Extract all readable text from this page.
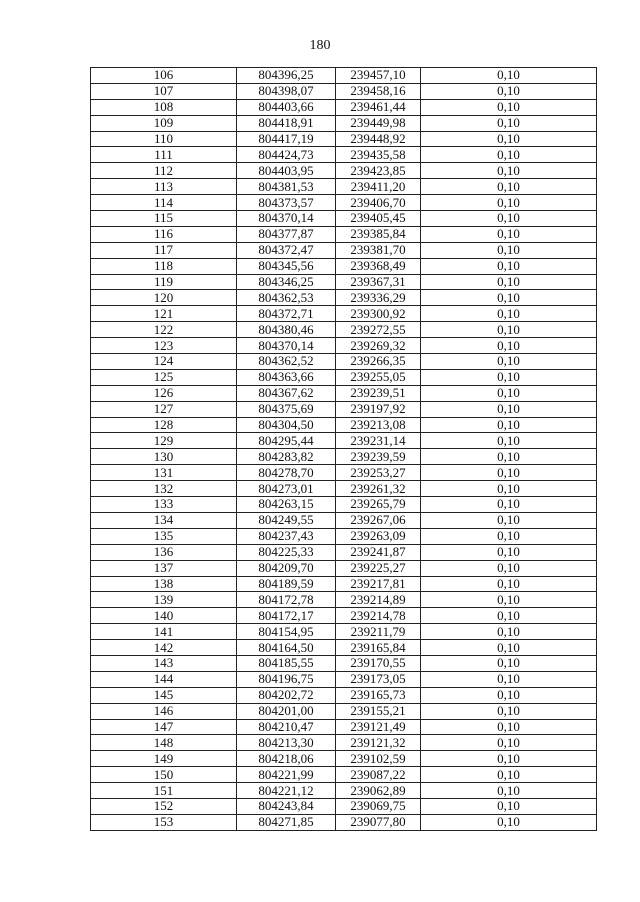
180
106	804396,25	239457,10	0,10
107	804398,07	239458,16	0,10
108	804403,66	239461,44	0,10
109	804418,91	239449,98	0,10
110	804417,19	239448,92	0,10
111	804424,73	239435,58	0,10
112	804403,95	239423,85	0,10
113	804381,53	239411,20	0,10
114	804373,57	239406,70	0,10
115	804370,14	239405,45	0,10
116	804377,87	239385,84	0,10
117	804372,47	239381,70	0,10
118	804345,56	239368,49	0,10
119	804346,25	239367,31	0,10
120	804362,53	239336,29	0,10
121	804372,71	239300,92	0,10
122	804380,46	239272,55	0,10
123	804370,14	239269,32	0,10
124	804362,52	239266,35	0,10
125	804363,66	239255,05	0,10
126	804367,62	239239,51	0,10
127	804375,69	239197,92	0,10
128	804304,50	239213,08	0,10
129	804295,44	239231,14	0,10
130	804283,82	239239,59	0,10
131	804278,70	239253,27	0,10
132	804273,01	239261,32	0,10
133	804263,15	239265,79	0,10
134	804249,55	239267,06	0,10
135	804237,43	239263,09	0,10
136	804225,33	239241,87	0,10
137	804209,70	239225,27	0,10
138	804189,59	239217,81	0,10
139	804172,78	239214,89	0,10
140	804172,17	239214,78	0,10
141	804154,95	239211,79	0,10
142	804164,50	239165,84	0,10
143	804185,55	239170,55	0,10
144	804196,75	239173,05	0,10
145	804202,72	239165,73	0,10
146	804201,00	239155,21	0,10
147	804210,47	239121,49	0,10
148	804213,30	239121,32	0,10
149	804218,06	239102,59	0,10
150	804221,99	239087,22	0,10
151	804221,12	239062,89	0,10
152	804243,84	239069,75	0,10
153	804271,85	239077,80	0,10
